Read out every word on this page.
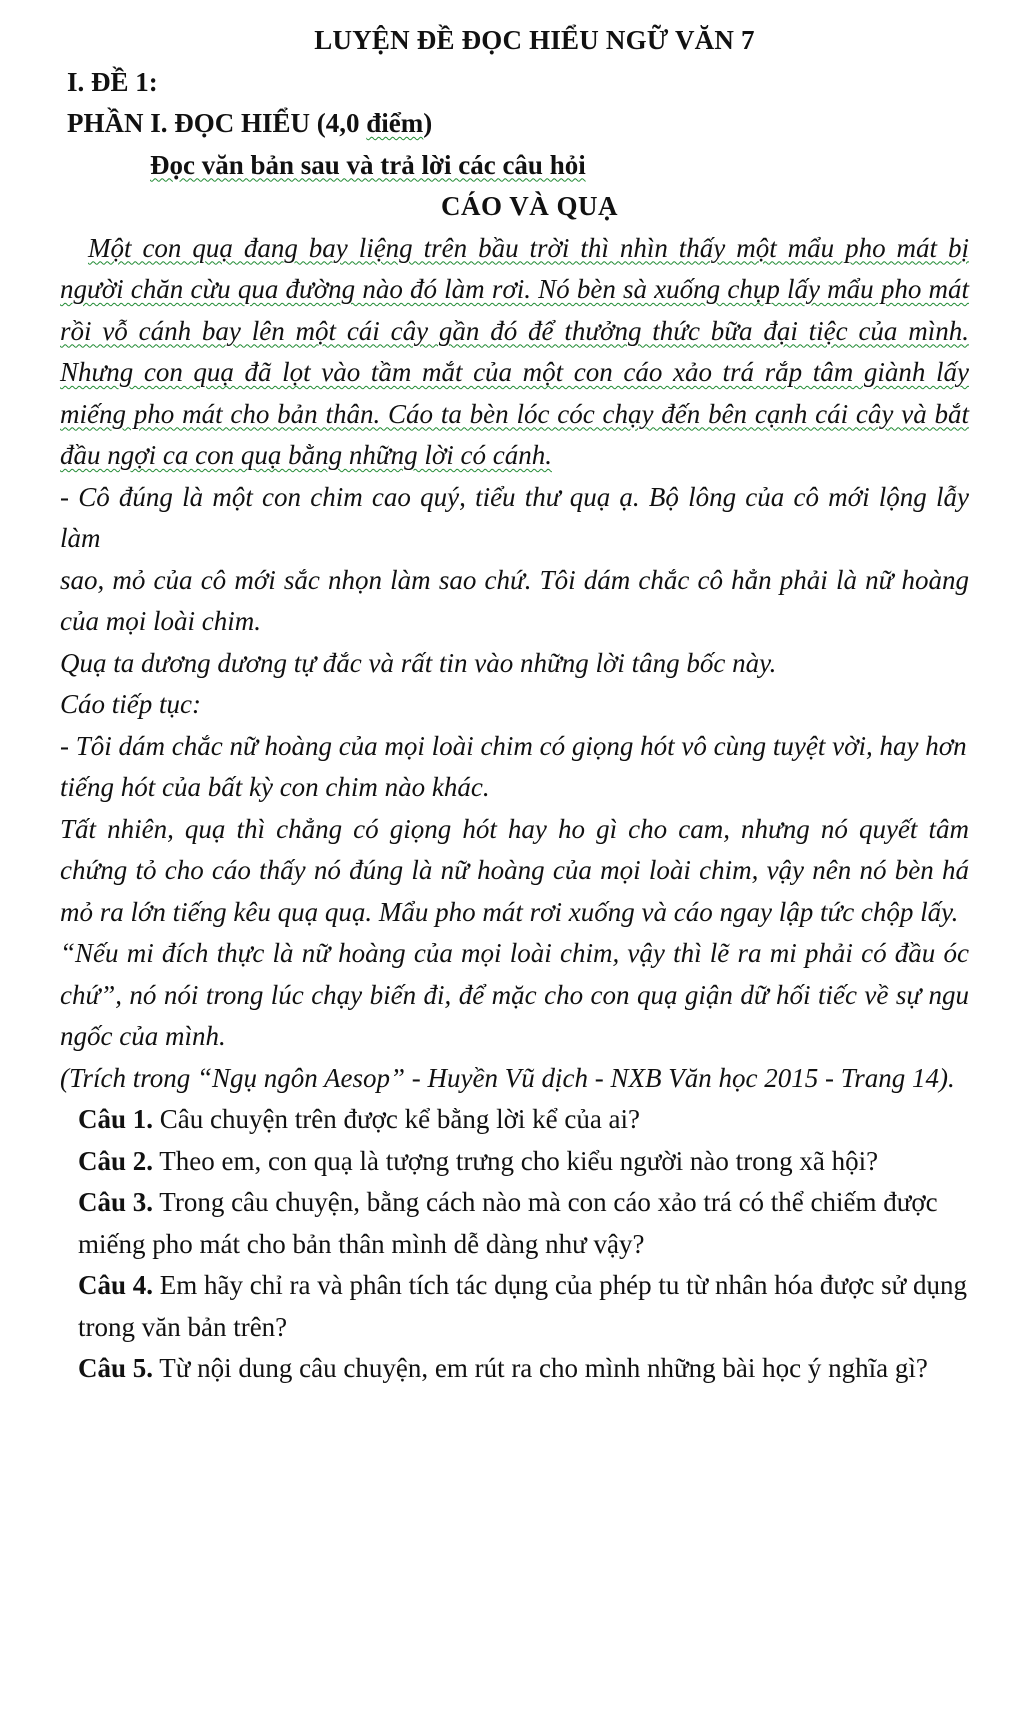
LUYỆN ĐỀ ĐỌC HIỂU NGỮ VĂN 7
I. ĐỀ 1:
PHẦN I. ĐỌC HIỂU (4,0 điểm)
Đọc văn bản sau và trả lời các câu hỏi
CÁO VÀ QUẠ

Một con quạ đang bay liệng trên bầu trời thì nhìn thấy một mẩu pho mát bị người chăn cừu qua đường nào đó làm rơi. Nó bèn sà xuống chụp lấy mẩu pho mát rồi vỗ cánh bay lên một cái cây gần đó để thưởng thức bữa đại tiệc của mình. Nhưng con quạ đã lọt vào tầm mắt của một con cáo xảo trá rắp tâm giành lấy miếng pho mát cho bản thân. Cáo ta bèn lóc cóc chạy đến bên cạnh cái cây và bắt đầu ngợi ca con quạ bằng những lời có cánh.

- Cô đúng là một con chim cao quý, tiểu thư quạ ạ. Bộ lông của cô mới lộng lẫy làm

sao, mỏ của cô mới sắc nhọn làm sao chứ. Tôi dám chắc cô hẳn phải là nữ hoàng của mọi loài chim.

Quạ ta dương dương tự đắc và rất tin vào những lời tâng bốc này.

Cáo tiếp tục:

- Tôi dám chắc nữ hoàng của mọi loài chim có giọng hót vô cùng tuyệt vời, hay hơn

tiếng hót của bất kỳ con chim nào khác.

Tất nhiên, quạ thì chẳng có giọng hót hay ho gì cho cam, nhưng nó quyết tâm chứng tỏ cho cáo thấy nó đúng là nữ hoàng của mọi loài chim, vậy nên nó bèn há mỏ ra lớn tiếng kêu quạ quạ. Mẩu pho mát rơi xuống và cáo ngay lập tức chộp lấy.

“Nếu mi đích thực là nữ hoàng của mọi loài chim, vậy thì lẽ ra mi phải có đầu óc chứ”, nó nói trong lúc chạy biến đi, để mặc cho con quạ giận dữ hối tiếc về sự ngu ngốc của mình.

(Trích trong “Ngụ ngôn Aesop” - Huyền Vũ dịch - NXB Văn học 2015 - Trang 14).
Câu 1. Câu chuyện trên được kể bằng lời kể của ai?
Câu 2. Theo em, con quạ là tượng trưng cho kiểu người nào trong xã hội?
Câu 3. Trong câu chuyện, bằng cách nào mà con cáo xảo trá có thể chiếm được miếng pho mát cho bản thân mình dễ dàng như vậy?
Câu 4. Em hãy chỉ ra và phân tích tác dụng của phép tu từ nhân hóa được sử dụng trong văn bản trên?
Câu 5. Từ nội dung câu chuyện, em rút ra cho mình những bài học ý nghĩa gì?
